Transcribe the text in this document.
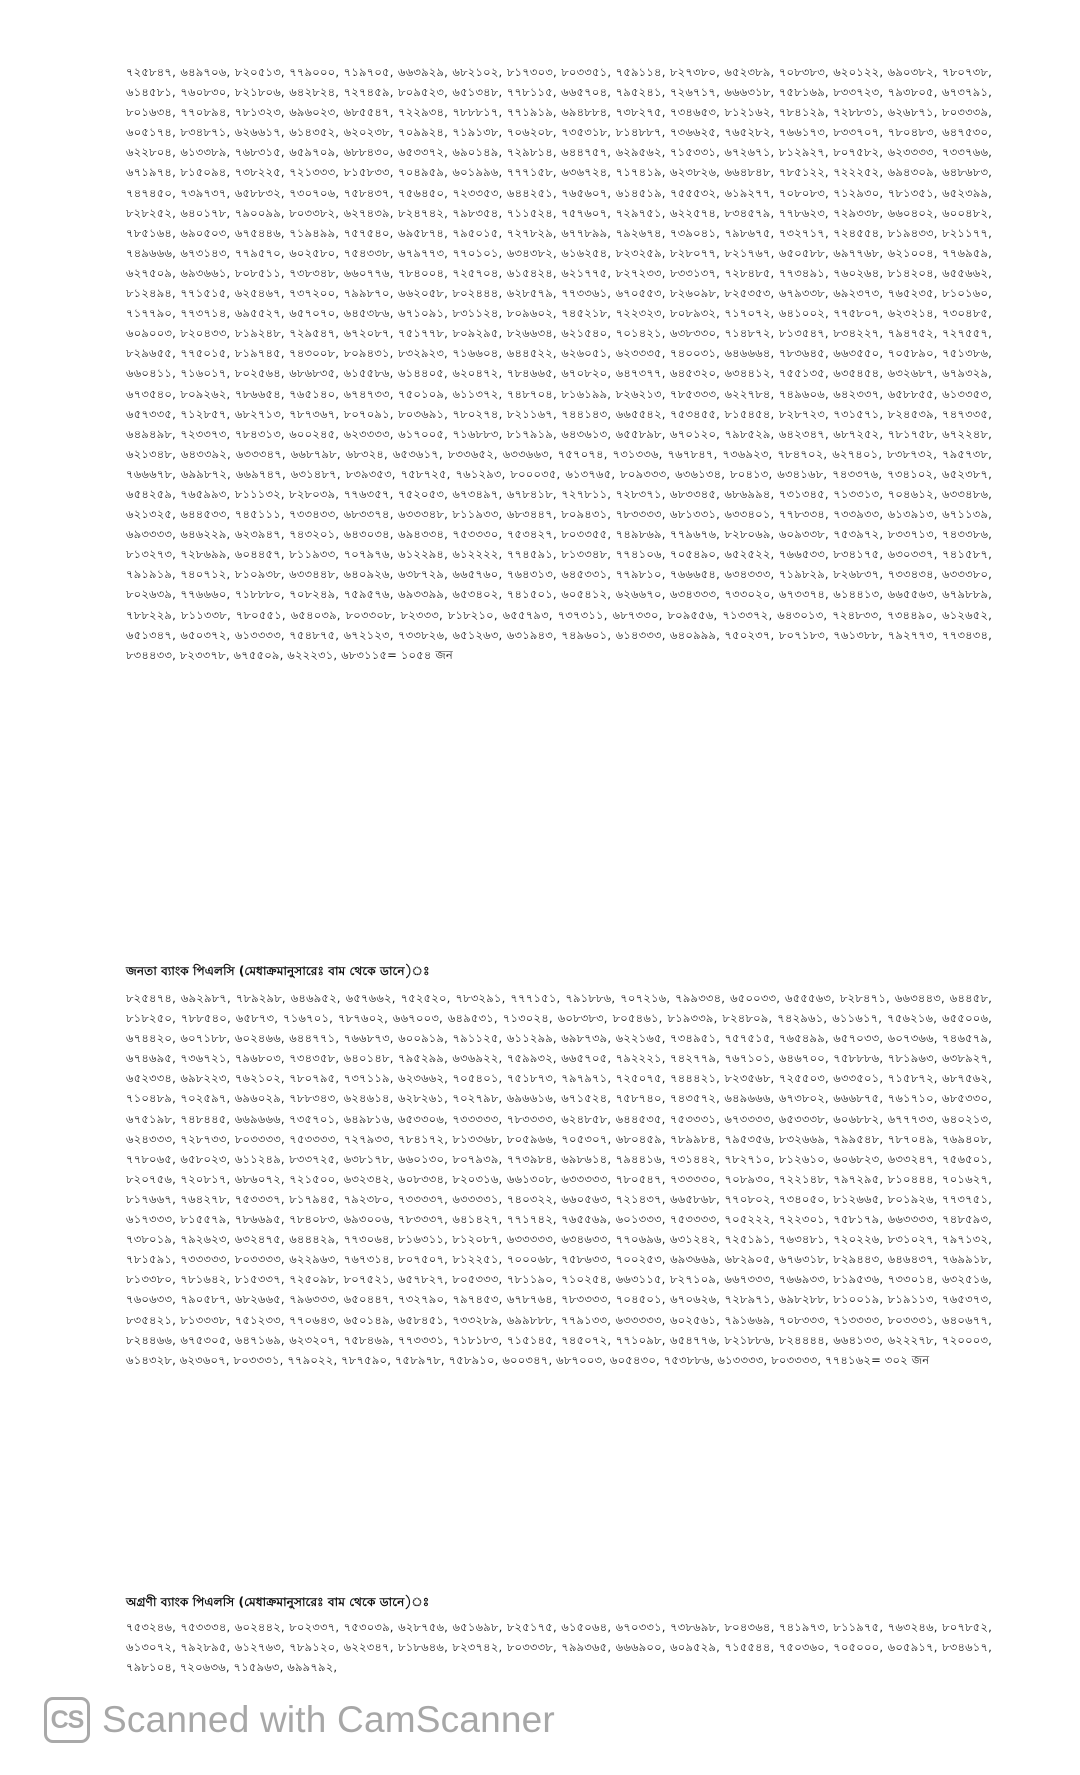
৭২৫৮৪৭, ৬৪৯৭০৬, ৮২০৫১৩, ৭৭৯০০০, ৭১৯৭০৫, ৬৬৩৯২৯, ৬৮২১০২, ৮১৭৩০৩, ৮০৩৩৫১, ৭৫৯১১৪, ৮২৭৩৮০, ৬৫২৩৮৯, ৭০৮৩৮৩, ৬২০১২২, ৬৯০৩৮২, ৭৮০৭৩৮, ৬১৪৫৮১, ৭৬০৮৩০, ৮২১৮০৬, ৬৪২৮২৪, ৭২৭৪৫৯, ৮০৯৫২৩, ৬৫১৩৪৮, ৭৭৮১১৫, ৬৬৫৭০৪, ৭৯৫২৪১, ৭২৬৭১৭, ৬৬৬৩১৮, ৭৫৮১৬৯, ৮৩৩৭২৩, ৭৯৩৮০৫, ৬৭৩৭৯১, ৮০১৬৩৪, ৭৭০৮৯৪, ৭৮১৩২৩, ৬৯৬০২৩, ৬৮৫৫৪৭, ৭২২৯৩৪, ৭৮৮৮১৭, ৭৭১৯১৯, ৬৯৪৮৮৪, ৭৩৮২৭৫, ৭৩৪৬৫৩, ৮১২১৬২, ৭৮৪১২৯, ৭২৮৮৩১, ৬২৬৮৭১, ৮০৩৩৩৯, ৬০৫১৭৪, ৮৩৪৮৭১, ৬২৬৬১৭, ৬১৪৩৫২, ৬২০২৩৮, ৭০৯৯২৪, ৭১৯১৩৮, ৭০৬২০৮, ৭৩৫৩১৮, ৮১৪৮৮৭, ৭৩৬৬২৫, ৭৬৫২৮২, ৭৬৬১৭৩, ৮৩৩৭০৭, ৭৮০৪৮৩, ৬৪৭৫৩০, ৬২২৮০৪, ৬১৩৩৮৯, ৭৬৮৩১৫, ৬৫৯৭০৯, ৬৮৮৪৩০, ৬৫৩৩৭২, ৬৯০১৪৯, ৭২৯৮১৪, ৬৪৪৭৫৭, ৬২৯৫৬২, ৭১৫৩৩১, ৬৭২৬৭১, ৮১২৯২৭, ৮০৭৫৮২, ৬২৩৩৩৩, ৭৩৩৭৬৬, ৬৭১৯৭৪, ৮১৫০৯৪, ৭৩৮২২৫, ৭২১৩৩৩, ৮১৫৮৩৩, ৭০৪৯৫৯, ৬০১৯৯৬, ৭৭৭১৫৮, ৬৩৬৭২৪, ৭১৭৪১৯, ৬২৩৮২৬, ৬৬৪৮৪৮, ৭৮৫১২২, ৭২২২৫২, ৬৯৪৩০৯, ৬৪৮৬৮৩, ৭৪৭৪৫০, ৭৩৯৭৩৭, ৬৫৮৮৩২, ৭৩০৭০৬, ৭৫৮৪৩৭, ৭৫৬৪৫০, ৭২৩৩৫৩, ৬৪৪২৫১, ৭৬৫৬০৭, ৬১৪৫১৯, ৭৫৫৫৩২, ৬১৯২৭৭, ৭০৮০৮৩, ৭১২৯৩০, ৭৮১৩৫১, ৬৫২৩৯৯, ৮২৮২৫২, ৬৪০১৭৮, ৭৯০০৯৯, ৮০৩৩৮২, ৬২৭৪৩৯, ৮২৪৭৪২, ৭৯৮৩৫৪, ৭১১৫২৪, ৭৫৭৬০৭, ৭২৯৭৫১, ৬২২৫৭৪, ৮৩৪৫৭৯, ৭৭৮৬২৩, ৭২৯৩৩৮, ৬৬০৪০২, ৬০০৪৮২, ৭৮৫১৬৪, ৬৯০৫০৩, ৬৭৫৪৪৬, ৭১৯৪৯৯, ৭৫৭৫৪০, ৬৯৫৮৭৪, ৭৯৫০১৫, ৭২৭৮২৯, ৬৭৭৮৯৯, ৭৯২৬৭৪, ৭৩৯০৪১, ৭৯৮৬৭৫, ৭৩২৭১৭, ৭২৪৫৫৪, ৮১৯৪৩৩, ৮২১১৭৭, ৭৪৯৬৬৬, ৬৭৩১৪৩, ৭৭৯৫৭০, ৬০২৫৮০, ৭৫৪৩৩৮, ৬৭৯৭৭৩, ৭৭০১০১, ৬৩৪৩৮২, ৬১৬২৫৪, ৮২৩২৫৯, ৮২৮০৭৭, ৮২১৭৬৭, ৬৫০৫৮৮, ৬৯৭৭৬৮, ৬২১০০৪, ৭৭৬৯৫৯, ৬২৭৫০৯, ৬৯৩৬৬১, ৮০৮৫১১, ৭৩৮৩৪৮, ৬৬০৭৭৬, ৭৮৪০০৪, ৭২৫৭০৪, ৬১৫৪২৪, ৬২১৭৭৫, ৮২৭২৩৩, ৮৩৩১৩৭, ৭২৮৪৮৫, ৭৭৩৪৯১, ৭৬০২৬৪, ৮১৪২০৪, ৬৫৫৬৬২, ৮১২৪৯৪, ৭৭১৫১৫, ৬২৫৪৬৭, ৭৩৭২০০, ৭৯৯৮৭০, ৬৬২০৫৮, ৮০২৪৪৪, ৬২৮৫৭৯, ৭৭৩৩৬১, ৬৭০৫৫৩, ৮২৬০৯৮, ৮২৫৩৫৩, ৬৭৯৩৩৮, ৬৯২৩৭৩, ৭৬৫২৩৫, ৮১০১৬০, ৭১৭৭৯০, ৭৭৩৭১৪, ৬৯৫৫২৭, ৬৫৭০৭০, ৬৪৫৩৮৬, ৬৭১০৯১, ৮৩১১২৪, ৮০৯৬০২, ৭৪৫২১৮, ৭২২৩২৩, ৮০৮৯৩২, ৭১৭০৭২, ৬৪১০০২, ৭৭৫৮০৭, ৬২৩২১৪, ৭৩০৪৮৫, ৬০৯০০৩, ৮২০৪৩৩, ৮১৯২৪৮, ৭২৯৫৪৭, ৬৭২০৮৭, ৭৫১৭৭৮, ৮০৯২৯৫, ৮২৬৬৩৪, ৬২১৫৪০, ৭০১৪২১, ৬৩৮৩৩০, ৭১৪৮৭২, ৮১৩৫৪৭, ৮৩৪২২৭, ৭৯৪৭৫২, ৭২৭৫৫৭, ৮২৯৬৫৫, ৭৭৫০১৫, ৮১৯৭৪৫, ৭৪৩০০৮, ৮০৯৪৩১, ৮৩২৯২৩, ৭১৬৬০৪, ৬৪৪৫২২, ৬২৬০৫১, ৬২৩৩৩৫, ৭৪০০৩১, ৬৪৬৬৬৪, ৭৮৩৬৪৫, ৬৬৩৫৫০, ৭০৫৮৯০, ৭৫১৩৮৬, ৬৬০৪১১, ৭১৬০১৭, ৮০২৫৬৪, ৬৮৬৮৩৫, ৬১৫৫৮৬, ৬১৪৪০৫, ৬২০৪৭২, ৭৮৪৬৬৫, ৬৭০৮২০, ৬৪৭৩৭৭, ৬৪৫৩২০, ৬৩৪৪১২, ৭৫৫১৩৫, ৬৩৫৪৫৪, ৬৩২৬৮৭, ৬৭৯৩২৯, ৬৭৩৫৪০, ৮০৯২৬২, ৭৮৬৬৫৪, ৭৬৫১৪০, ৬৭৪৭৩৩, ৭৫০১০৯, ৬১১৩৭২, ৭৪৮৭০৪, ৮১৬১৯৯, ৮২৬২১৩, ৭৮৫৩৩৩, ৬২২৭৮৪, ৭৪৯৬০৬, ৬৪২৩৩৭, ৬৫৮৮৫৫, ৬১৩৩৫৩, ৬৫৭৩৩৫, ৭১২৮৫৭, ৬৮২৭১৩, ৭৮৭৩৬৭, ৮০৭০৯১, ৮০৩৬৯১, ৭৮০২৭৪, ৮২১১৬৭, ৭৪৪১৪৩, ৬৬৫৫৪২, ৭৫৩৪৫৫, ৮১৫৪৫৪, ৮২৮৭২৩, ৭৩১৫৭১, ৮২৪৫৩৯, ৭৪৭৩৩৫, ৬৪৯৪৯৮, ৭২৩৩৭৩, ৭৮৪৩১৩, ৬০০২৪৫, ৬২৩৩৩৩, ৬১৭০০৫, ৭১৬৮৮৩, ৮১৭৯১৯, ৬৪৩৬১৩, ৬৫৫৮৯৮, ৬৭০১২০, ৭৯৮৫২৯, ৬৪২৩৪৭, ৬৮৭২৫২, ৭৮১৭৫৮, ৬৭২২৪৮, ৬২১৩৪৮, ৬৪৩৩৯২, ৬৩৩৩৪৭, ৬৬৮৭৯৮, ৬৮৩২৪, ৬৫৩৬১৭, ৮৩৩৬৫২, ৬৩৩৬৬৩, ৭৫৭০৭৪, ৭৩১৩৩৬, ৭৬৭৮৪৭, ৭৩৬৯২৩, ৭৮৪৭০২, ৬২৭৪০১, ৮৩৮৭৩২, ৭৯৫৭৩৮, ৭৬৬৬৭৮, ৬৯৯৮৭২, ৬৬৯৭৪৭, ৬৩১৪৮৭, ৮৩৯৩৫৩, ৭৫৮৭২৫, ৭৬১২৯৩, ৮০০০৩৫, ৬১৩৭৬৫, ৮০৯৩৩৩, ৬৩৬১৩৪, ৮০৪১৩, ৬৩৪১৬৮, ৭৪৩৩৭৬, ৭৩৪১০২, ৬৫২৩৮৭, ৬৫৪২৫৯, ৭৬৫৯৯৩, ৮১১১৩২, ৮২৮০৩৯, ৭৭৬৩৫৭, ৭৫২০৫৩, ৬৭৩৪৯৭, ৬৭৮৪১৮, ৭২৭৮১১, ৭২৮৩৭১, ৬৮৩৩৪৫, ৬৮৬৯৯৪, ৭৩১৩৪৫, ৭১৩৩১৩, ৭০৪৬১২, ৬৩৩৪৮৬, ৬২১৩২৫, ৬৪৪৫৩৩, ৭৪৫১১১, ৭৩৩৪৩৩, ৬৮৩৩৭৪, ৬৩৩৩৪৮, ৮১১৯৩৩, ৬৮৩৪৪৭, ৮০৯৪৩১, ৭৮৩৩৩৩, ৬৮১৩৩১, ৬৩৩৪০১, ৭৭৮৩৩৪, ৭৩৩৯৩৩, ৬১৩৯১৩, ৬৭১১৩৯, ৬৯৩৩৩৩, ৬৪৬২২৯, ৬২৩৯৪৭, ৭৪৩২০১, ৬৪৩০৩৪, ৬৯৪৩৩৪, ৭৫৩৩৩০, ৭৫৩৪২৭, ৮০৩৩৫৫, ৭৪৯৮৬৯, ৭৭৯৬৭৬, ৮২৮০৬৯, ৬০৯৩৩৮, ৭৫৩৯৭২, ৮৩৩৭১৩, ৭৪৩৩৮৬, ৮১৩২৭৩, ৭২৮৬৯৯, ৬০৪৪৫৭, ৮১১৯৩৩, ৭০৭৯৭৬, ৬১২২৯৪, ৬১২২২২, ৭৭৪৫৯১, ৮১৩৩৪৮, ৭৭৪১০৬, ৭০৫৪৯০, ৬৫২৫২২, ৭৬৬৫৩৩, ৮৩৪১৭৫, ৬৩০৩৩৭, ৭৪১৫৮৭, ৭৯১৯১৯, ৭৪০৭১২, ৮১০৯৩৮, ৬৩৩৪৪৮, ৬৪০৯২৬, ৬৩৮৭২৯, ৬৬৫৭৬০, ৭৬৪৩১৩, ৬৪৫৩৩১, ৭৭৯৮১০, ৭৬৬৬৫৪, ৬৩৪৩৩৩, ৭১৯৮২৯, ৮২৬৮৩৭, ৭৩৩৪৩৪, ৬৩৩৩৮০, ৮০২৬৩৯, ৭৭৬৬৬০, ৭১৮৮৮০, ৭০৮২৪৯, ৭৫৯৫৭৬, ৬৯৩৩৯৯, ৬৫৩৪০২, ৭৪১৫০১, ৬০৫৪১২, ৬২৬৬৭০, ৬৩৪৩৩৩, ৭৩৩০২০, ৬৭৩৩৭৪, ৬১৪৪১৩, ৬৬৫৫৬৩, ৬৭৯৮৮৯, ৭৮৮২২৯, ৮১১৩৩৮, ৭৮০৫৫১, ৬৫৪০৩৯, ৮০৩৩০৮, ৮২৩৩৩, ৮১৮২১০, ৬৫৫৭৯৩, ৭৩৭৩১১, ৬৮৭৩৩০, ৮০৯৫৫৬, ৭১৩৩৭২, ৬৪৩০১৩, ৭২৪৮৩৩, ৭৩৪৪৯০, ৬১২৬৫২, ৬৫১৩৪৭, ৬৫০৩৭২, ৬১৩৩৩৩, ৭৫৪৮৭৫, ৬৭২১২৩, ৭৩৩৮২৬, ৬৫১২৬৩, ৬৩১৯৪৩, ৭৪৯৬০১, ৬১৪৩৩৩, ৬৪০৯৯৯, ৭৫০২৩৭, ৮০৭১৮৩, ৭৬১৩৮৮, ৭৯২৭৭৩, ৭৭৩৪৩৪, ৮৩৪৪৩৩, ৮২৩৩৭৮, ৬৭৫৫০৯, ৬২২২৩১, ৬৮৩১১৫= ১০৫৪ জন

জনতা ব্যাংক পিএলসি (মেধাক্রমানুসারেঃ বাম থেকে ডানে)ঃ

৮২৫৪৭৪, ৬৯২৯৮৭, ৭৮৯২৯৮, ৬৪৬৯৫২, ৬৫৭৬৬২, ৭৫২৫২০, ৭৮৩২৯১, ৭৭৭১৫১, ৭৯১৮৮৬, ৭০৭২১৬, ৭৯৯৩৩৪, ৬৫০০৩৩, ৬৫৫৫৬৩, ৮২৮৪৭১, ৬৬৩৪৪৩, ৬৪৪৫৮, ৮১৮২৫০, ৭৮৮৫৪০, ৬৫৮৭৩, ৭১৬৭০১, ৭৮৭৬০২, ৬৬৭০০৩, ৬৪৯৫৩১, ৭১৩০২৪, ৬০৮৩৮৩, ৮০৫৪৬১, ৮১৯৩৩৯, ৮২৪৮০৯, ৭৪২৯৬১, ৬১১৬১৭, ৭৫৬২১৬, ৬৫৫০০৬, ৬৭৪৪২০, ৬০৭১৮৮, ৬০২৪৬৬, ৬৪৪৭৭১, ৭৬৬৮৭৩, ৬০০৯১৯, ৭৯১১২৫, ৬১১২৯৯, ৬৯৮৭৩৯, ৬২২১৬৫, ৭৩৪৯৫১, ৭৫৭৫১৫, ৭৬৫৪৯৯, ৬৫৭০৩৩, ৬০৭৩৬৬, ৭৪৬৫৭৯, ৬৭৪৬৯৫, ৭৩৬৭২১, ৭৯৬৮০৩, ৭৩৪৩৫৮, ৬৪০১৪৮, ৭৯৫২৯৯, ৬৩৬৯২২, ৭৫৯৯৩২, ৬৬৫৭০৫, ৭৯২২২১, ৭৪২৭৭৯, ৭৬৭১০১, ৬৪৬৭০০, ৭৫৮৮৮৬, ৭৮১৯৬৩, ৬৩৮৯২৭, ৬৫২৩৩৪, ৬৯৮২২৩, ৭৬২১০২, ৭৮০৭৯৫, ৭৩৭১১৯, ৬২৩৬৬২, ৭০৫৪০১, ৭৫১৮৭৩, ৭৯৭৯৭১, ৭২৫০৭৫, ৭৪৪৪২১, ৮২৩৫৬৮, ৭২৫৫০৩, ৬৩৩৫০১, ৭১৫৮৭২, ৬৮৭৫৬২, ৭১০৪৮৯, ৭০২৫৯৭, ৬৯৬০২৯, ৭৮৮৩৪৩, ৬২৪৬১৪, ৬২৮২৬১, ৭০২৭৯৮, ৬৯৬৬১৬, ৬৭১৫২৪, ৭৫৮৭৪০, ৭৪৩৫৭২, ৬৪৯৬৬৬, ৬৭৩৮০২, ৬৬৬৮৭৫, ৭৬১৭১০, ৬৮৫৩৩০, ৬৭৫১৯৮, ৭৪৮৪৪৫, ৬৬৯৬৬৬, ৭৩৫৭০১, ৬৪৯৮১৬, ৬৫৩৩০৬, ৭৩৩৩৩৩, ৭৮৩৩৩৩, ৬২৪৮৫৮, ৬৪৪৫৩৫, ৭৫৩৩৩১, ৬৭৩৩৩৩, ৬৫৩৩৩৮, ৬০৬৮৮২, ৬৭৭৭৩৩, ৬৪০২১৩, ৬২৪৩৩৩, ৭২৮৭৩৩, ৮০৩৩৩৩, ৭৫৩৩৩৩, ৭২৭৯৩৩, ৭৮৪১৭২, ৮১৩৩৬৮, ৮০৫৯৬৬, ৭০৫৩০৭, ৬৮০৪৫৯, ৭৮৯৯৮৪, ৭৯৫৩৫৬, ৮৩২৬৬৯, ৭৯৯৫৪৮, ৭৮৭০৪৯, ৭৬৯৪০৮, ৭৭৮০৬৫, ৬৫৮০২৩, ৬১১২৪৯, ৮৩৩৭২৫, ৬৩৮১৭৮, ৬৬০১৩০, ৮০৭৯৩৯, ৭৭৩৯৮৪, ৬৯৮৬১৪, ৭৯৪৪১৬, ৭৩১৪৪২, ৭৮২৭১০, ৮১২৬১০, ৬০৬৮২৩, ৬৩৩২৪৭, ৭৫৬৫০১, ৮২০৭৫৬, ৭২০৮১৭, ৬৮৬০৭২, ৭২১৫০০, ৬৩২৩৪২, ৬০৮৩৩৪, ৮২০৩১৬, ৬৬১৩০৮, ৬৩৩৩৩৩, ৭৮০৫৪৭, ৭৩৩৩৩০, ৭০৮৯৩০, ৭২২১৪৮, ৭৯৭২৯৫, ৮১০৪৪৪, ৭০১৬২৭, ৮১৭৬৬৭, ৭৬৪২৭৮, ৭৫৩৩৩৭, ৮১৭৯৪৫, ৭৯২৩৮০, ৭৩৩৩৩৭, ৬৩৩৩৩১, ৭৪০৩২২, ৬৬০৫৬৩, ৭২১৪৩৭, ৬৬৫৮৬৮, ৭৭০৮০২, ৭৩৪০৫০, ৮১২৬৬৫, ৮০১৯২৬, ৭৭৩৭৫১, ৬১৭৩৩৩, ৮১৫৫৭৯, ৭৮৬৬৯৫, ৭৮৪০৮৩, ৬৯৩০০৬, ৭৮৩৩৩৭, ৬৪১৪২৭, ৭৭১৭৪২, ৭৬৫৫৬৯, ৬০১৩৩৩, ৭৫৩৩৩৩, ৭০৫২২২, ৭২২৩০১, ৭৫৮১৭৯, ৬৬৩৩৩৩, ৭৪৮৫৯৩, ৭৩৮০১৯, ৭৯২৬২৩, ৬৩২৪৭৫, ৬৪৪৪২৯, ৭৭৩০৬৪, ৮১৬৩১১, ৮১২০৮৭, ৬৩৩৩৩৩, ৬৩৪৬৩৩, ৭৭০৬৯৬, ৬৩১২৪২, ৭২৫১৯১, ৭৬৩৪৮১, ৭২০২২৬, ৮৩১০২৭, ৭৯৭১৩২, ৭৮১৫৯১, ৭৩৩৩৩৩, ৮০৩৩৩৩, ৬২২৯৬৩, ৭৬৭৩১৪, ৮০৭৫০৭, ৮১২২৫১, ৭০০০৬৮, ৭৫৮৬৩৩, ৭০০২৫৩, ৬৯৩৬৬৯, ৬৮২৯০৫, ৬৭৬৩১৮, ৮২৯৪৪৩, ৬৪৬৪৩৭, ৭৬৯৯১৮, ৮১৩৩৮০, ৭৮১৬৪২, ৮১৫৩৩৭, ৭২৫০৯৮, ৮০৭৫২১, ৬৫৭৮২৭, ৮০৫৩৩৩, ৭৮১১৯০, ৭১০২৫৪, ৬৬৩১১৫, ৮২৭১০৯, ৬৬৭৩৩৩, ৭৬৬৯৩৩, ৮১৯৫৩৬, ৭৩৩০১৪, ৬৩২৫১৬, ৭৬০৬৩৩, ৭৯০৫৮৭, ৬৮২৬৬৫, ৭৯৬৩৩৩, ৬৫০৪৪৭, ৭৩২৭৯০, ৭৯৭৪৫৩, ৬৭৮৭৬৪, ৭৮৩৩৩৩, ৭০৪৫০১, ৬৭০৬২৬, ৭২৮৯৭১, ৬৯৮২৮৮, ৮১০০১৯, ৮১৯১১৩, ৭৬৫৩৭৩, ৮৩৫৪২১, ৮১৩৩৩৮, ৭৫১২৩৩, ৭৭০৬৪৩, ৬৫০১৪৯, ৬৫৮৪৫১, ৭৩৩২৮৯, ৬৯৯৮৮৮, ৭৭৯১৩৩, ৬৩৩৩৩৩, ৬০২৫৬১, ৭৯১৬৬৯, ৭০৮৩৩৩, ৭১৩৩৩৩, ৮০৩৩৩১, ৬৪০৬৭৭, ৮২৪৪৬৬, ৬৭৫৩০৫, ৬৪৭১৬৯, ৬২৩২০৭, ৭৫৮৪৬৯, ৭৭৩৩৩১, ৭১৮১৮৩, ৭১৫১৪৫, ৭৪৫০৭২, ৭৭১০৯৮, ৬৫৪৭৭৬, ৮২১৮৮৬, ৮২৪৪৪৪, ৬৬৪১৩৩, ৬২২২৭৮, ৭২০০০৩, ৬১৪৩২৮, ৬২৩৬০৭, ৮০৩৩৩১, ৭৭৯০২২, ৭৮৭৫৯০, ৭৫৮৯৭৮, ৭৫৮৯১০, ৬০০৩৪৭, ৬৮৭০০৩, ৬০৫৪৩০, ৭৫৩৮৮৬, ৬১৩৩৩৩, ৮০৩৩৩৩, ৭৭৪১৬২= ৩০২ জন

অগ্রণী ব্যাংক পিএলসি (মেধাক্রমানুসারেঃ বাম থেকে ডানে)ঃ

৭৫৩২৪৬, ৭৫৩৩৩৪, ৬০২৪৪২, ৮০২৩৩৭, ৭৫৩০৩৯, ৬২৮৭৫৬, ৬৫১৬৯৮, ৮২৫১৭৫, ৬১৫০৬৪, ৬৭০৩৩১, ৭৩৮৬৯৮, ৮০৪৩৬৪, ৭৪১৯৭৩, ৮১১৯৭৫, ৭৬৩২৪৬, ৮০৭৮৫২, ৬১৩০৭২, ৭৯২৮৯৫, ৬১২৭৬৩, ৭৮৯১২০, ৬২২৩৪৭, ৮১৮৬৪৬, ৮২৩৭৪২, ৮০৩৩৩৮, ৭৯৯৩৬৫, ৬৬৬৯০০, ৬০৯৫২৯, ৭১৫৫৪৪, ৭৫০৩৬০, ৭০৫০০০, ৬০৫৯১৭, ৮৩৪৬১৭, ৭৯৮১০৪, ৭২০৬৩৬, ৭১৫৯৬৩, ৬৯৯৭৯২,

CS Scanned with CamScanner
